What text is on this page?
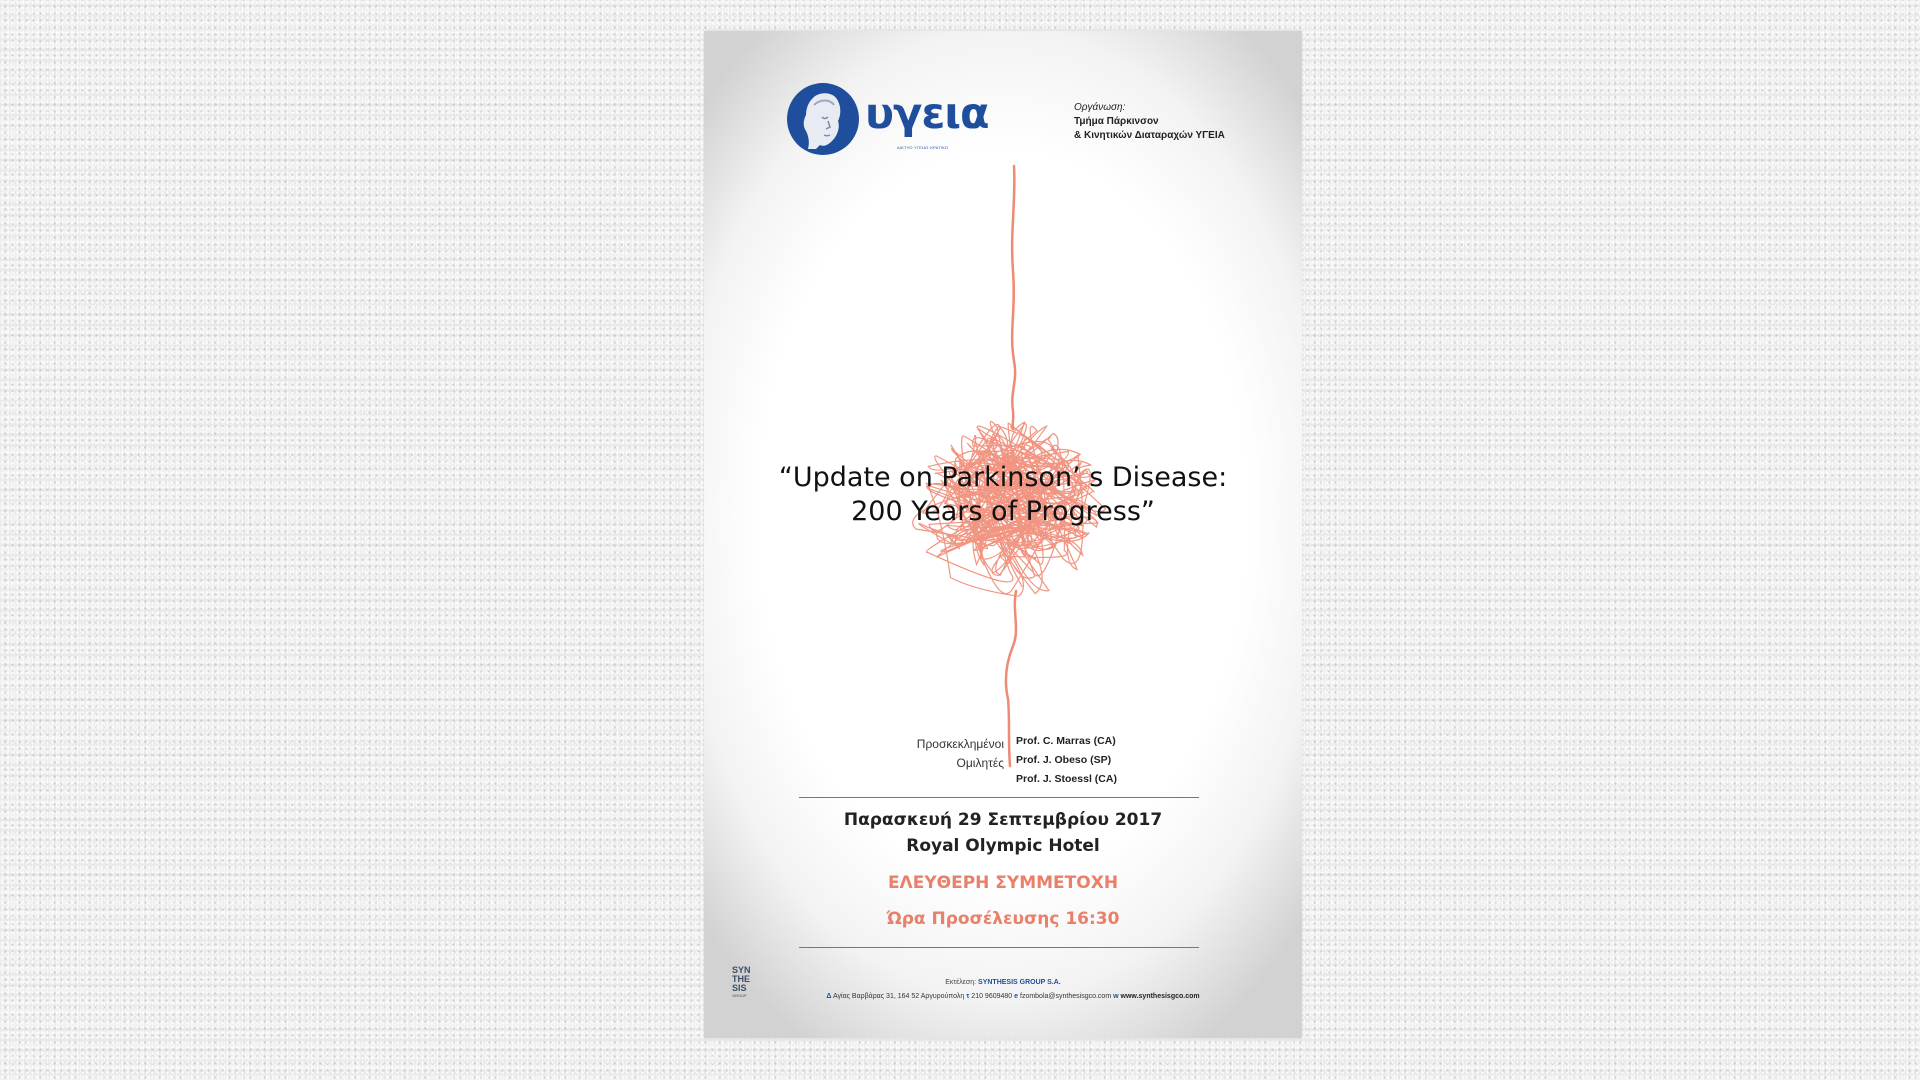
υγεια
ΔΙΚΤΥΟ ΥΓΕΙΑΣ ΚΡΑΤΙΚΟ
Οργάνωση:
Τμήμα Πάρκινσον
& Κινητικών Διαταραχών ΥΓΕΙΑ
“Update on Parkinson’ s Disease:
200 Years of Progress”
Προσκεκλημένοι
Ομιλητές
Prof. C. Marras (CA)
Prof. J. Obeso (SP)
Prof. J. Stoessl (CA)
Παρασκευή 29 Σεπτεμβρίου 2017
Royal Olympic Hotel
ΕΛΕΥΘΕΡΗ ΣΥΜΜΕΤΟΧΗ
Ώρα Προσέλευσης 16:30
SYN
THE
SIS
GROUP
Εκτέλεση: SYNTHESIS GROUP S.A.
Δ Αγίας Βαρβάρας 31, 164 52 Αργυρούπολη τ 210 9609480 e fzombola@synthesisgco.com w www.synthesisgco.com
